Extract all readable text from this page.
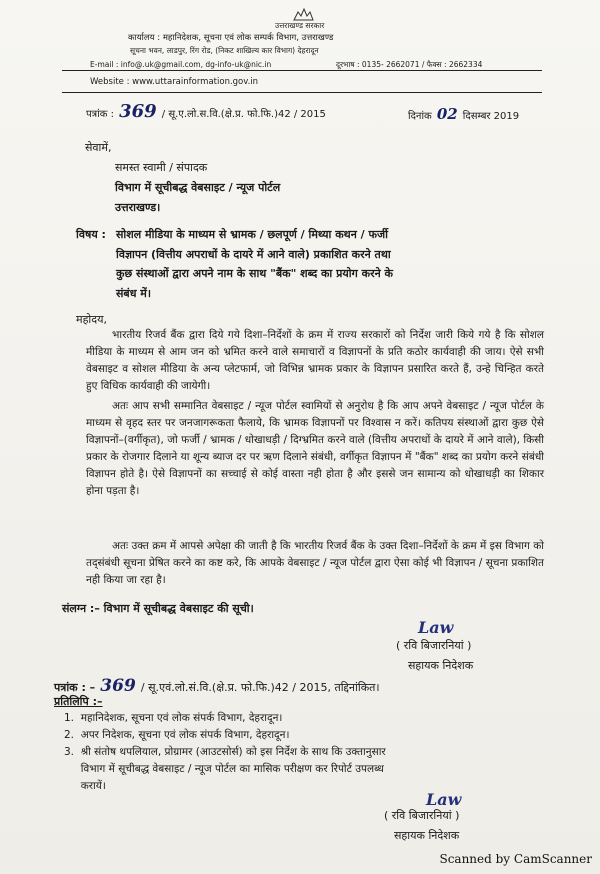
उत्तराखण्ड सरकार
कार्यालय : महानिदेशक, सूचना एवं लोक सम्पर्क विभाग, उत्तराखण्ड
सूचना भवन, लाडपुर, रिंग रोड, (निकट शाखिल्य कार विभाग) देहरादून
E-mail : info@.uk@gmail.com, dg-info-uk@nic.in	दूरभाष : 0135- 2662071 / फैक्स : 2662334
Website : www.uttarainformation.gov.in
पत्रांक : 369 / सू.ए.लो.स.वि.(क्षे.प्र. फो.फि.)42 / 2015	दिनांक 02 दिसम्बर 2019
सेवामें,
समस्त स्वामी / संपादक
विभाग में सूचीबद्ध वेबसाइट / न्यूज पोर्टल
उत्तराखण्ड।
विषय : सोशल मीडिया के माध्यम से भ्रामक / छलपूर्ण / मिथ्या कथन / फर्जी
विज्ञापन (वित्तीय अपराधों के दायरे में आने वाले) प्रकाशित करने तथा
कुछ संस्थाओं द्वारा अपने नाम के साथ "बैंक" शब्द का प्रयोग करने के
संबंध में।
महोदय,

भारतीय रिजर्व बैंक द्वारा दिये गये दिशा–निर्देशों के क्रम में राज्य सरकारों को निर्देश जारी किये गये है कि सोशल मीडिया के माध्यम से आम जन को भ्रमित करने वाले समाचारों व विज्ञापनों के प्रति कठोर कार्यवाही की जाय। ऐसे सभी वेबसाइट व सोशल मीडिया के अन्य प्लेटफार्म, जो विभिन्न भ्रामक प्रकार के विज्ञापन प्रसारित करते हैं, उन्हे चिन्हित करते हुए विधिक कार्यवाही की जायेगी।

अतः आप सभी सम्मानित वेबसाइट / न्यूज पोर्टल स्वामियों से अनुरोध है कि आप अपने वेबसाइट / न्यूज पोर्टल के माध्यम से वृहद स्तर पर जनजागरूकता फैलाये, कि भ्रामक विज्ञापनों पर विश्वास न करें। कतिपय संस्थाओं द्वारा कुछ ऐसे विज्ञापनों–(वर्गीकृत), जो फर्जी / भ्रामक / धोखाधड़ी / दिग्भ्रमित करने वाले (वित्तीय अपराधों के दायरे में आने वाले), किसी प्रकार के रोजगार दिलाने या शून्य ब्याज दर पर ऋण दिलाने संबंधी, वर्गीकृत विज्ञापन में "बैंक" शब्द का प्रयोग करने संबंधी विज्ञापन होते है। ऐसे विज्ञापनों का सच्चाई से कोई वास्ता नही होता है और इससे जन सामान्य को धोखाधड़ी का शिकार होना पड़ता है।

अतः उक्त क्रम में आपसे अपेक्षा की जाती है कि भारतीय रिजर्व बैंक के उक्त दिशा–निर्देशों के क्रम में इस विभाग को तद्संबंधी सूचना प्रेषित करने का कष्ट करे, कि आपके वेबसाइट / न्यूज पोर्टल द्वारा ऐसा कोई भी विज्ञापन / सूचना प्रकाशित नही किया जा रहा है।

संलग्न :– विभाग में सूचीबद्ध वेबसाइट की सूची।
Law
( रवि बिजारनियां )
सहायक निदेशक
पत्रांक : – 369 / सू.एवं.लो.सं.वि.(क्षे.प्र. फो.फि.)42 / 2015, तद्दिनांकित।
प्रतिलिपि :–
1.  महानिदेशक, सूचना एवं लोक संपर्क विभाग, देहरादून।
2.  अपर निदेशक, सूचना एवं लोक संपर्क विभाग, देहरादून।
3.  श्री संतोष थपलियाल, प्रोग्रामर (आउटसोर्स) को इस निर्देश के साथ कि उक्तानुसार
विभाग में सूचीबद्ध वेबसाइट / न्यूज पोर्टल का मासिक परीक्षण कर रिपोर्ट उपलब्ध
करायें।
Law
( रवि बिजारनियां )
सहायक निदेशक
Scanned by CamScanner
